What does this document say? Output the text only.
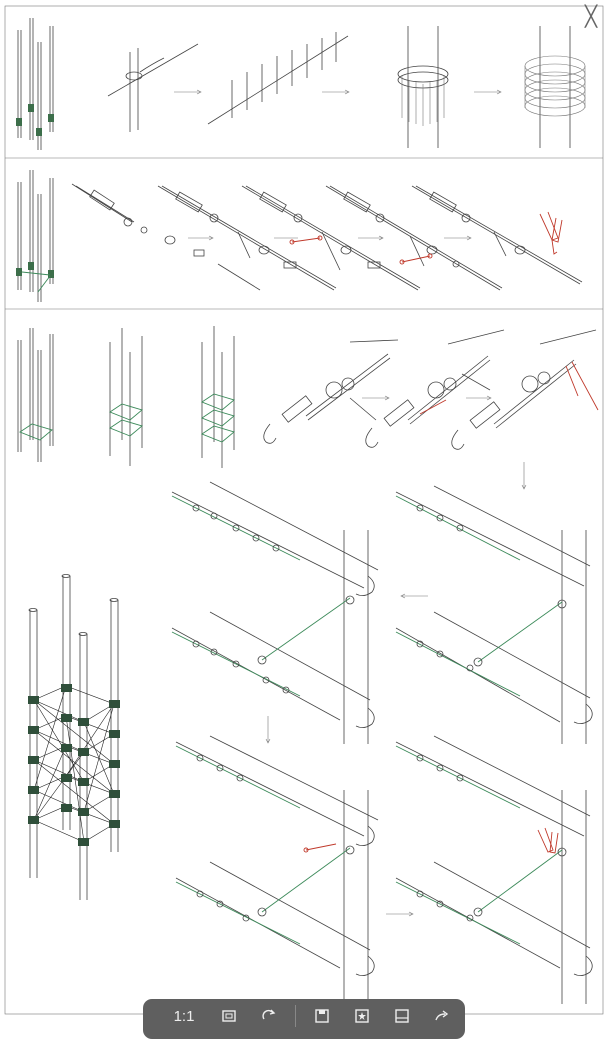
╳
1:1
